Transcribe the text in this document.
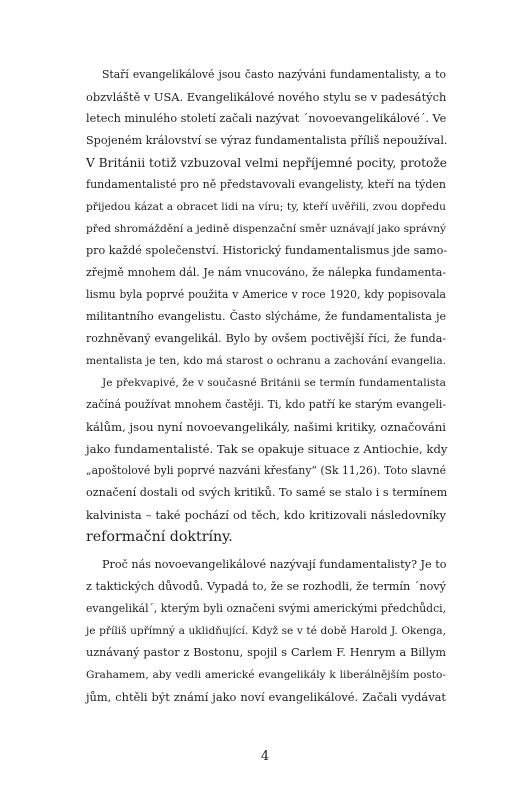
Staří evangelikálové jsou často nazýváni fundamentalisty, a to
obzvláště v USA. Evangelikálové nového stylu se v padesátých
letech minulého století začali nazývat ´novoevangelikálové´. Ve
Spojeném království se výraz fundamentalista příliš nepoužíval.
V Británii totiž vzbuzoval velmi nepříjemné pocity, protože
fundamentalisté pro ně představovali evangelisty, kteří na týden
přijedou kázat a obracet lidi na víru; ty, kteří uvěřili, zvou dopředu
před shromáždění a jedině dispenzační směr uznávají jako správný
pro každé společenství. Historický fundamentalismus jde samo-
zřejmě mnohem dál. Je nám vnucováno, že nálepka fundamenta-
lismu byla poprvé použita v Americe v roce 1920, kdy popisovala
militantního evangelistu. Často slýcháme, že fundamentalista je
rozhněvaný evangelikál. Bylo by ovšem poctivější říci, že funda-
mentalista je ten, kdo má starost o ochranu a zachování evangelia.
Je překvapivé, že v současné Británii se termín fundamentalista
začíná používat mnohem častěji. Ti, kdo patří ke starým evangeli-
kálům, jsou nyní novoevangelikály, našimi kritiky, označováni
jako fundamentalisté. Tak se opakuje situace z Antiochie, kdy
„apoštolové byli poprvé nazváni křesťany“ (Sk 11,26). Toto slavné
označení dostali od svých kritiků. To samé se stalo i s termínem
kalvinista – také pochází od těch, kdo kritizovali následovníky
reformační doktríny.
Proč nás novoevangelikálové nazývají fundamentalisty? Je to
z taktických důvodů. Vypadá to, že se rozhodli, že termín ´nový
evangelikál´, kterým byli označeni svými americkými předchůdci,
je příliš upřímný a uklidňující. Když se v té době Harold J. Okenga,
uznávaný pastor z Bostonu, spojil s Carlem F. Henrym a Billym
Grahamem, aby vedli americké evangelikály k liberálnějším posto-
jům, chtěli být známí jako noví evangelikálové. Začali vydávat
4
